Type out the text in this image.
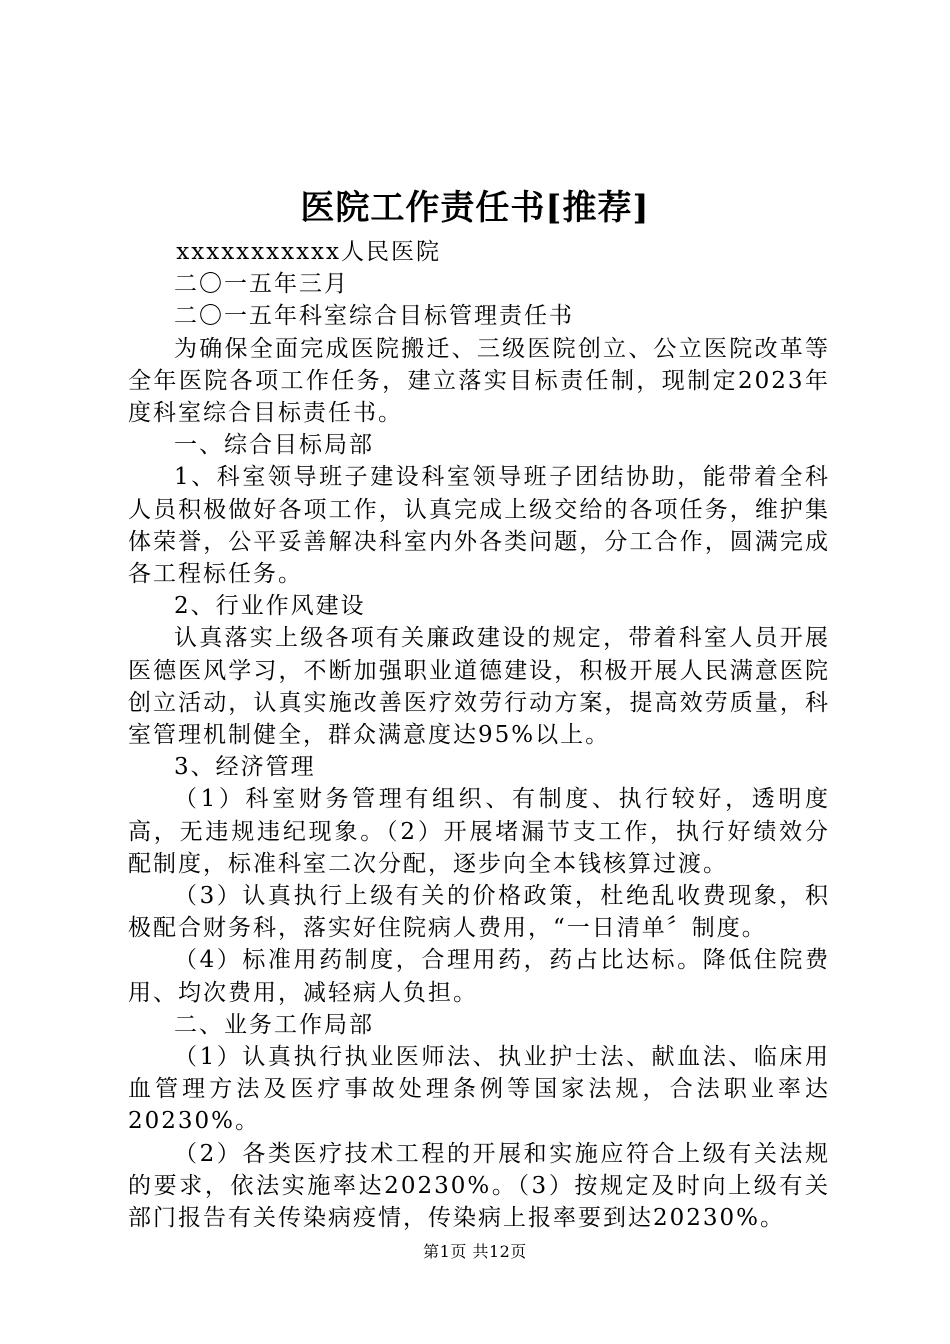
医院工作责任书[推荐]

xxxxxxxxxxx人民医院

二〇一五年三月

二〇一五年科室综合目标管理责任书

为确保全面完成医院搬迁、三级医院创立、公立医院改革等全年医院各项工作任务，建立落实目标责任制，现制定2023年度科室综合目标责任书。

一、综合目标局部

1、科室领导班子建设科室领导班子团结协助，能带着全科人员积极做好各项工作，认真完成上级交给的各项任务，维护集体荣誉，公平妥善解决科室内外各类问题，分工合作，圆满完成各工程标任务。

2、行业作风建设

认真落实上级各项有关廉政建设的规定，带着科室人员开展医德医风学习，不断加强职业道德建设，积极开展人民满意医院创立活动，认真实施改善医疗效劳行动方案，提高效劳质量，科室管理机制健全，群众满意度达95%以上。

3、经济管理

（1）科室财务管理有组织、有制度、执行较好，透明度高，无违规违纪现象。（2）开展堵漏节支工作，执行好绩效分配制度，标准科室二次分配，逐步向全本钱核算过渡。

（3）认真执行上级有关的价格政策，杜绝乱收费现象，积极配合财务科，落实好住院病人费用，“一日清单〞制度。

（4）标准用药制度，合理用药，药占比达标。降低住院费用、均次费用，减轻病人负担。

二、业务工作局部

（1）认真执行执业医师法、执业护士法、献血法、临床用血管理方法及医疗事故处理条例等国家法规，合法职业率达20230%。

（2）各类医疗技术工程的开展和实施应符合上级有关法规的要求，依法实施率达20230%。（3）按规定及时向上级有关部门报告有关传染病疫情，传染病上报率要到达20230%。

第1页 共12页
